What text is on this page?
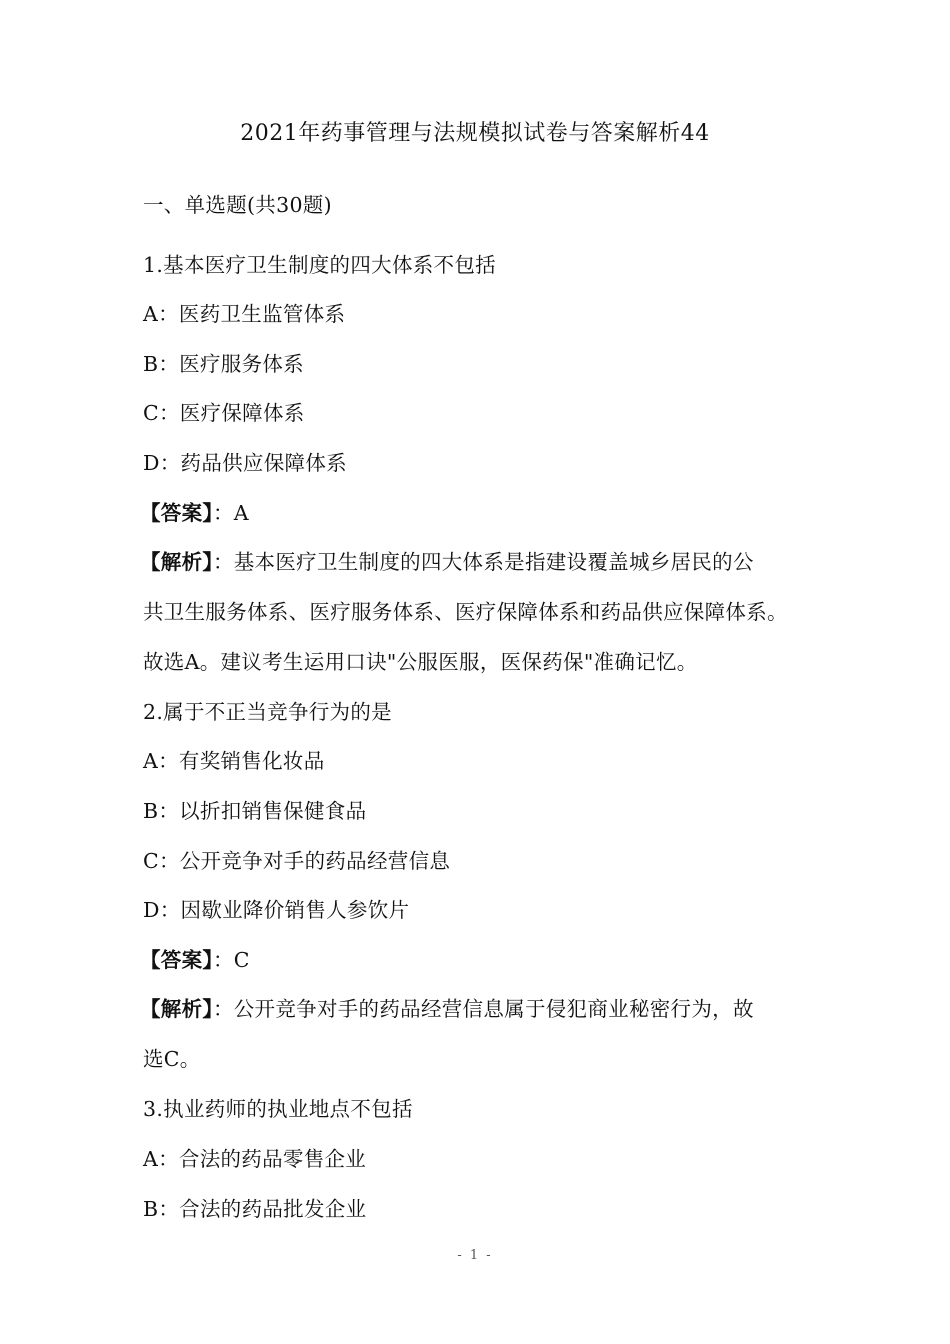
2021年药事管理与法规模拟试卷与答案解析44
一、单选题(共30题)
1.基本医疗卫生制度的四大体系不包括
A：医药卫生监管体系
B：医疗服务体系
C：医疗保障体系
D：药品供应保障体系
【答案】：A
【解析】：基本医疗卫生制度的四大体系是指建设覆盖城乡居民的公
共卫生服务体系、医疗服务体系、医疗保障体系和药品供应保障体系。
故选A。建议考生运用口诀"公服医服，医保药保"准确记忆。
2.属于不正当竞争行为的是
A：有奖销售化妆品
B：以折扣销售保健食品
C：公开竞争对手的药品经营信息
D：因歇业降价销售人参饮片
【答案】：C
【解析】：公开竞争对手的药品经营信息属于侵犯商业秘密行为，故
选C。
3.执业药师的执业地点不包括
A：合法的药品零售企业
B：合法的药品批发企业
- 1 -
